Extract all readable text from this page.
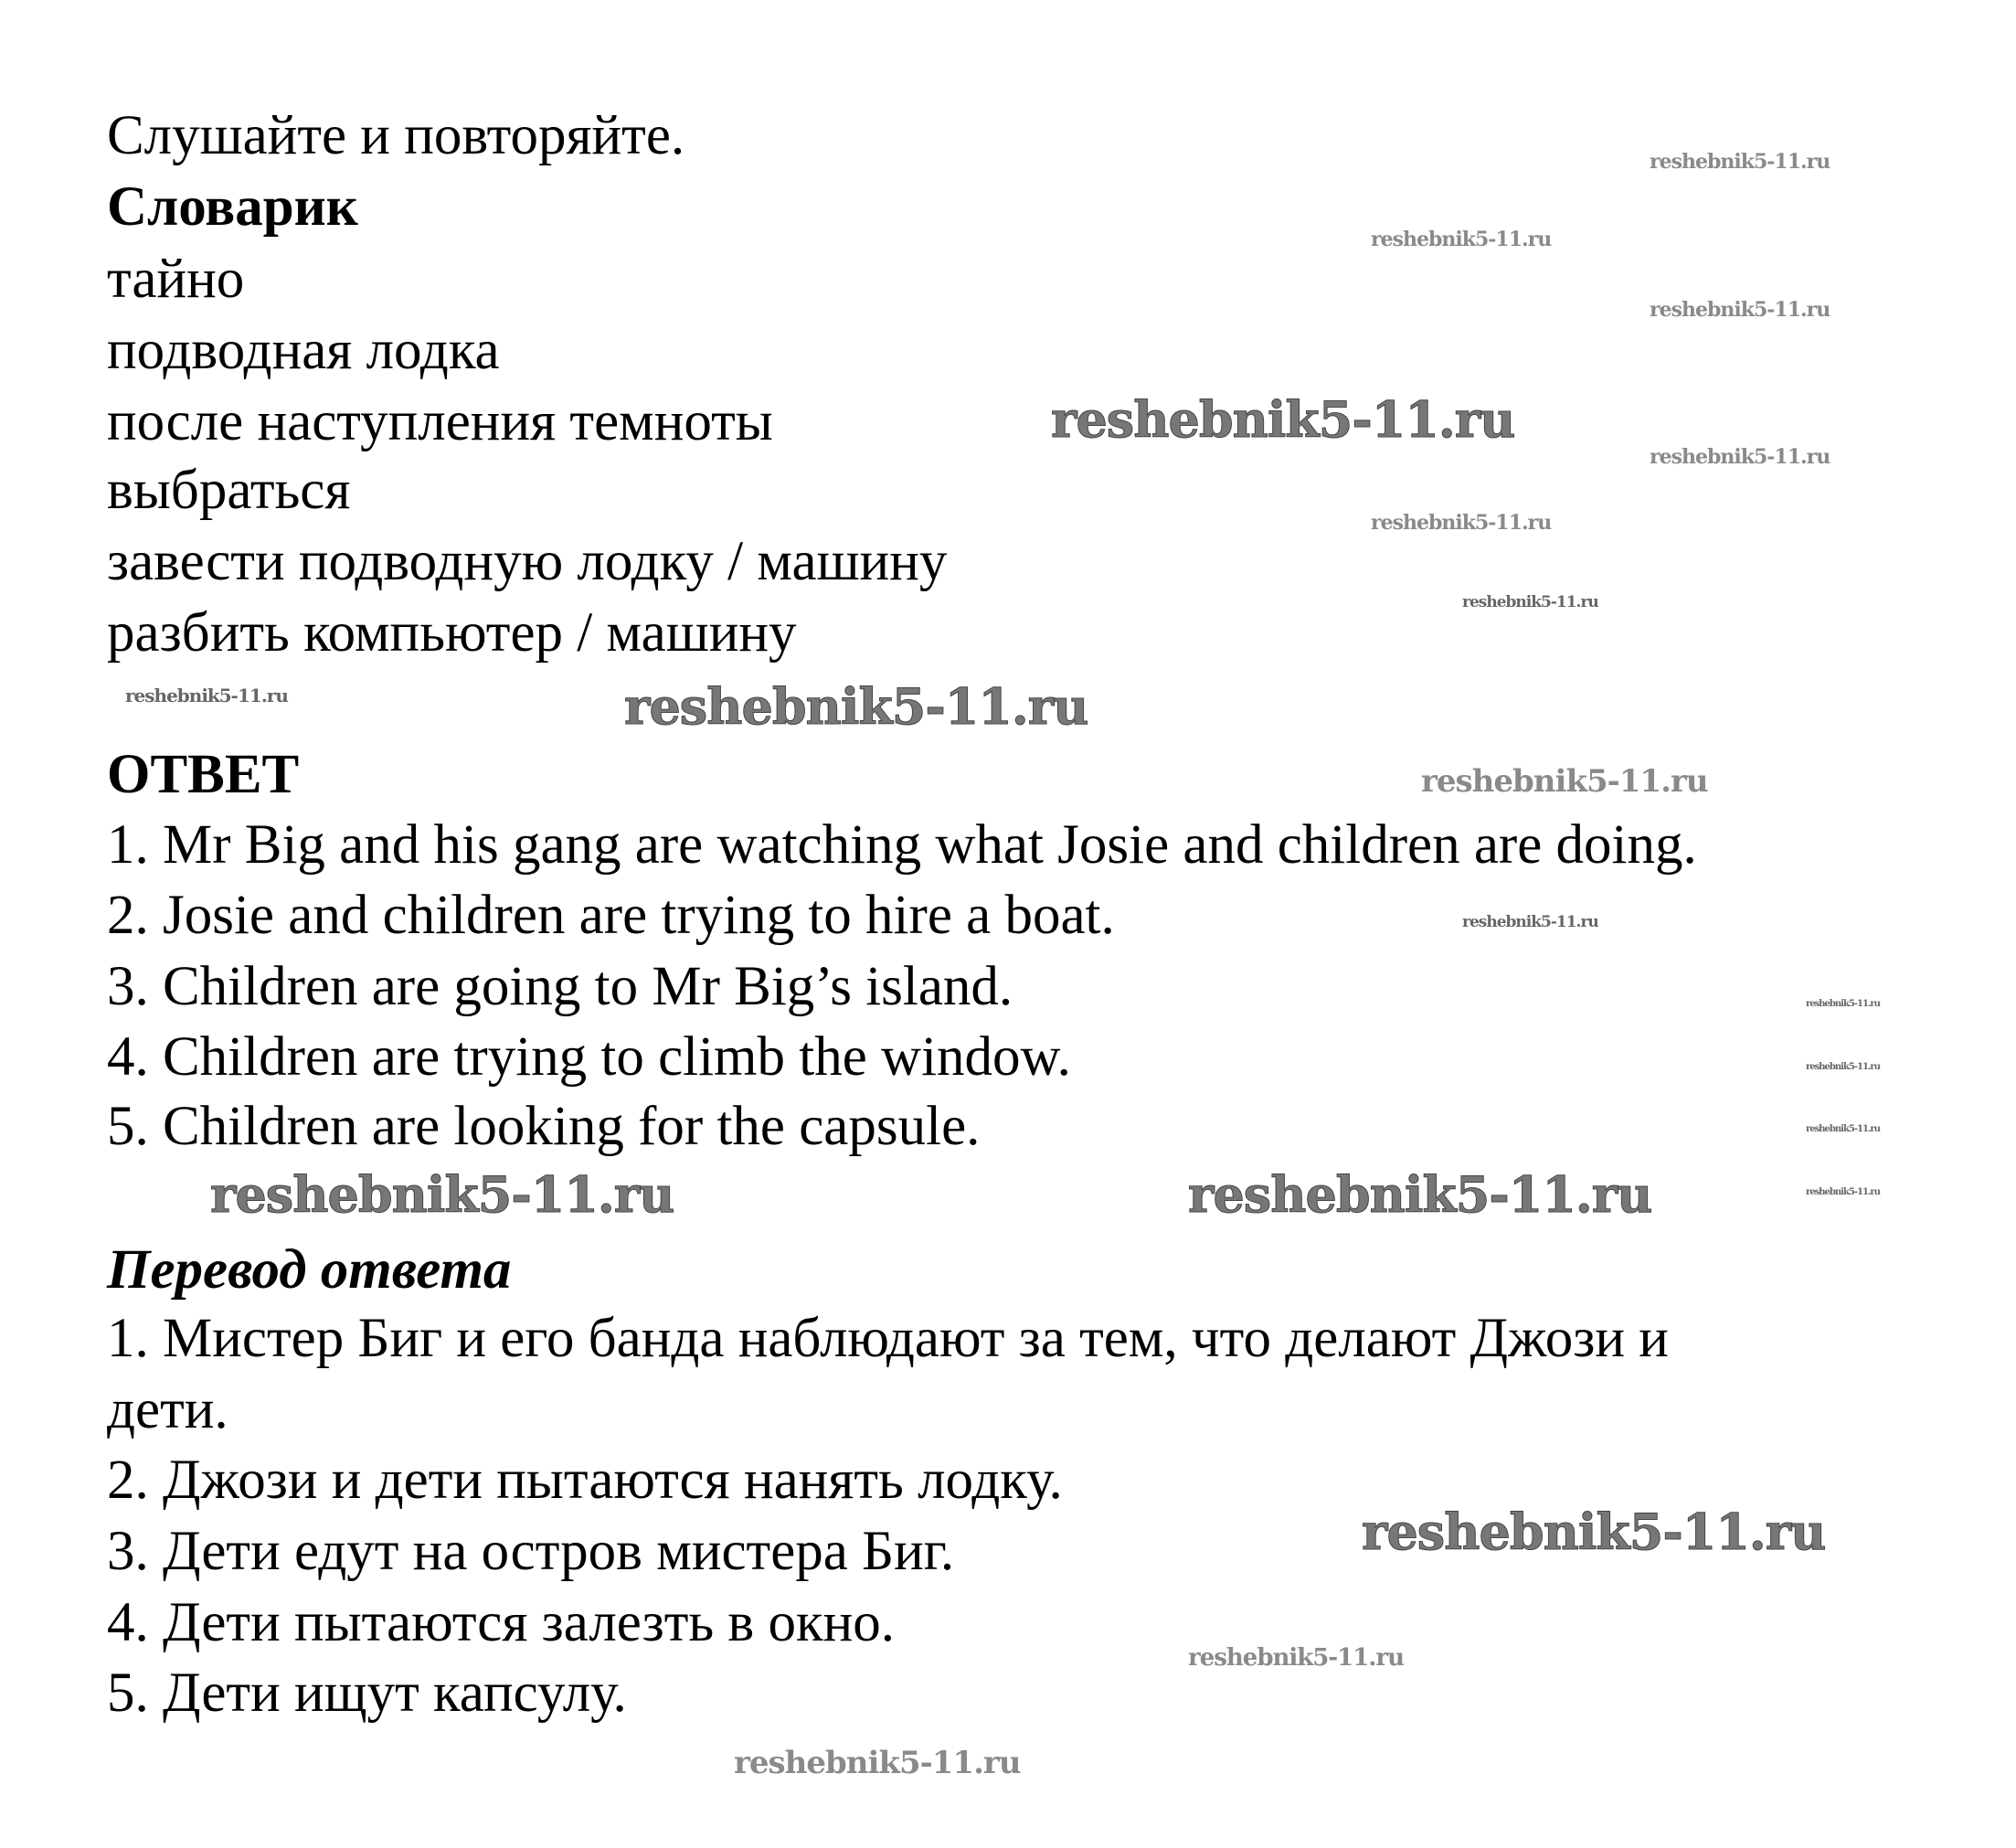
Слушайте и повторяйте.
Словарик
тайно
подводная лодка
после наступления темноты
выбраться
завести подводную лодку / машину
разбить компьютер / машину
ОТВЕТ
1. Mr Big and his gang are watching what Josie and children are doing.
2. Josie and children are trying to hire a boat.
3. Children are going to Mr Big’s island.
4. Children are trying to climb the window.
5. Children are looking for the capsule.
Перевод ответа
1. Мистер Биг и его банда наблюдают за тем, что делают Джози и
дети.
2. Джози и дети пытаются нанять лодку.
3. Дети едут на остров мистера Биг.
4. Дети пытаются залезть в окно.
5. Дети ищут капсулу.
reshebnik5-11.ru
reshebnik5-11.ru
reshebnik5-11.ru
reshebnik5-11.ru
reshebnik5-11.ru
reshebnik5-11.ru
reshebnik5-11.ru
reshebnik5-11.ru	reshebnik5-11.ru
reshebnik5-11.ru
reshebnik5-11.ru
reshebnik5-11.ru
reshebnik5-11.ru
reshebnik5-11.ru
reshebnik5-11.ru
reshebnik5-11.ru
reshebnik5-11.ru
reshebnik5-11.ru
reshebnik5-11.ru
reshebnik5-11.ru
